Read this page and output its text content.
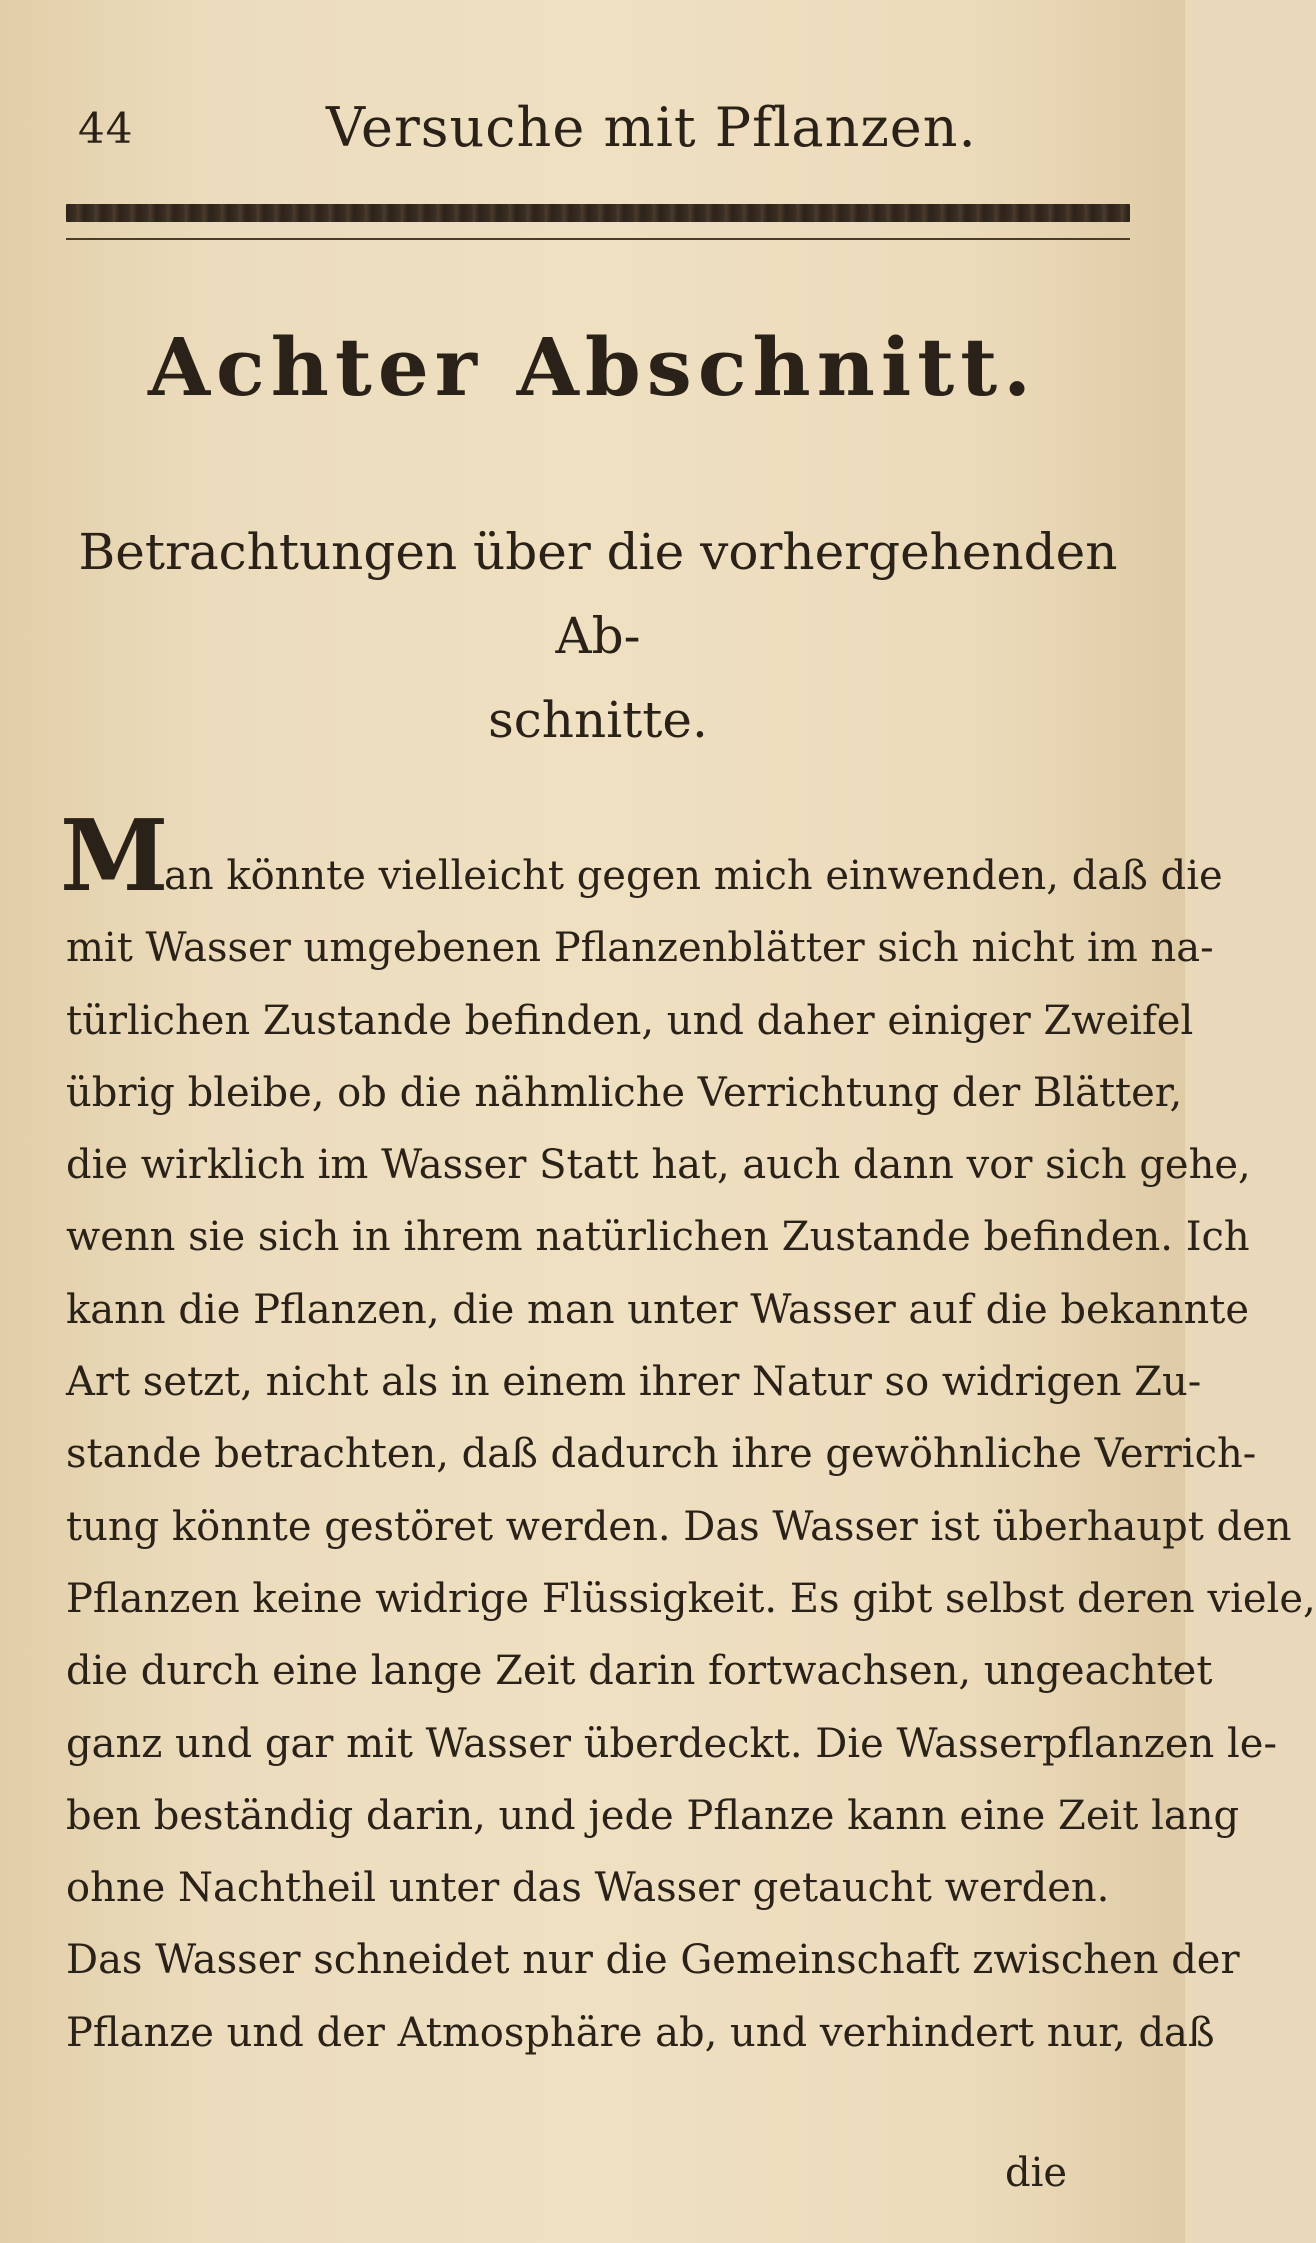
44	Versuche mit Pflanzen.
Achter Abschnitt.
Betrachtungen über die vorhergehenden Ab-
schnitte.
M
an könnte vielleicht gegen mich einwenden, daß die
mit Wasser umgebenen Pflanzenblätter sich nicht im na-
türlichen Zustande befinden, und daher einiger Zweifel
übrig bleibe, ob die nähmliche Verrichtung der Blätter,
die wirklich im Wasser Statt hat, auch dann vor sich gehe,
wenn sie sich in ihrem natürlichen Zustande befinden. Ich
kann die Pflanzen, die man unter Wasser auf die bekannte
Art setzt, nicht als in einem ihrer Natur so widrigen Zu-
stande betrachten, daß dadurch ihre gewöhnliche Verrich-
tung könnte gestöret werden. Das Wasser ist überhaupt den
Pflanzen keine widrige Flüssigkeit. Es gibt selbst deren viele,
die durch eine lange Zeit darin fortwachsen, ungeachtet
ganz und gar mit Wasser überdeckt. Die Wasserpflanzen le-
ben beständig darin, und jede Pflanze kann eine Zeit lang
ohne Nachtheil unter das Wasser getaucht werden.
Das Wasser schneidet nur die Gemeinschaft zwischen der
Pflanze und der Atmosphäre ab, und verhindert nur, daß
die
